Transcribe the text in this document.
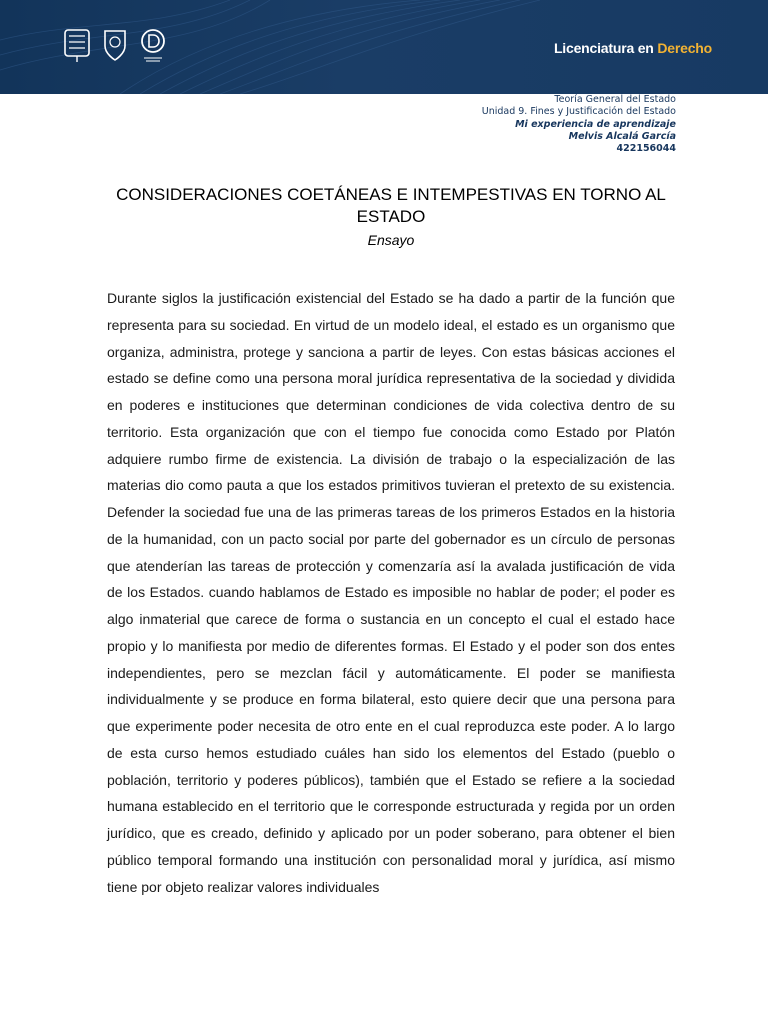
Licenciatura en Derecho
Teoría General del Estado
Unidad 9. Fines y Justificación del Estado
Mi experiencia de aprendizaje
Melvis Alcalá García
422156044
CONSIDERACIONES COETÁNEAS E INTEMPESTIVAS EN TORNO AL ESTADO
Ensayo

Durante siglos la justificación existencial del Estado se ha dado a partir de la función que representa para su sociedad. En virtud de un modelo ideal, el estado es un organismo que organiza, administra, protege y sanciona a partir de leyes. Con estas básicas acciones el estado se define como una persona moral jurídica representativa de la sociedad y dividida en poderes e instituciones que determinan condiciones de vida colectiva dentro de su territorio. Esta organización que con el tiempo fue conocida como Estado por Platón adquiere rumbo firme de existencia. La división de trabajo o la especialización de las materias dio como pauta a que los estados primitivos tuvieran el pretexto de su existencia. Defender la sociedad fue una de las primeras tareas de los primeros Estados en la historia de la humanidad, con un pacto social por parte del gobernador es un círculo de personas que atenderían las tareas de protección y comenzaría así la avalada justificación de vida de los Estados. cuando hablamos de Estado es imposible no hablar de poder; el poder es algo inmaterial que carece de forma o sustancia en un concepto el cual el estado hace propio y lo manifiesta por medio de diferentes formas. El Estado y el poder son dos entes independientes, pero se mezclan fácil y automáticamente. El poder se manifiesta individualmente y se produce en forma bilateral, esto quiere decir que una persona para que experimente poder necesita de otro ente en el cual reproduzca este poder. A lo largo de esta curso hemos estudiado cuáles han sido los elementos del Estado (pueblo o población, territorio y poderes públicos), también que el Estado se refiere a la sociedad humana establecido en el territorio que le corresponde estructurada y regida por un orden jurídico, que es creado, definido y aplicado por un poder soberano, para obtener el bien público temporal formando una institución con personalidad moral y jurídica, así mismo tiene por objeto realizar valores individuales
